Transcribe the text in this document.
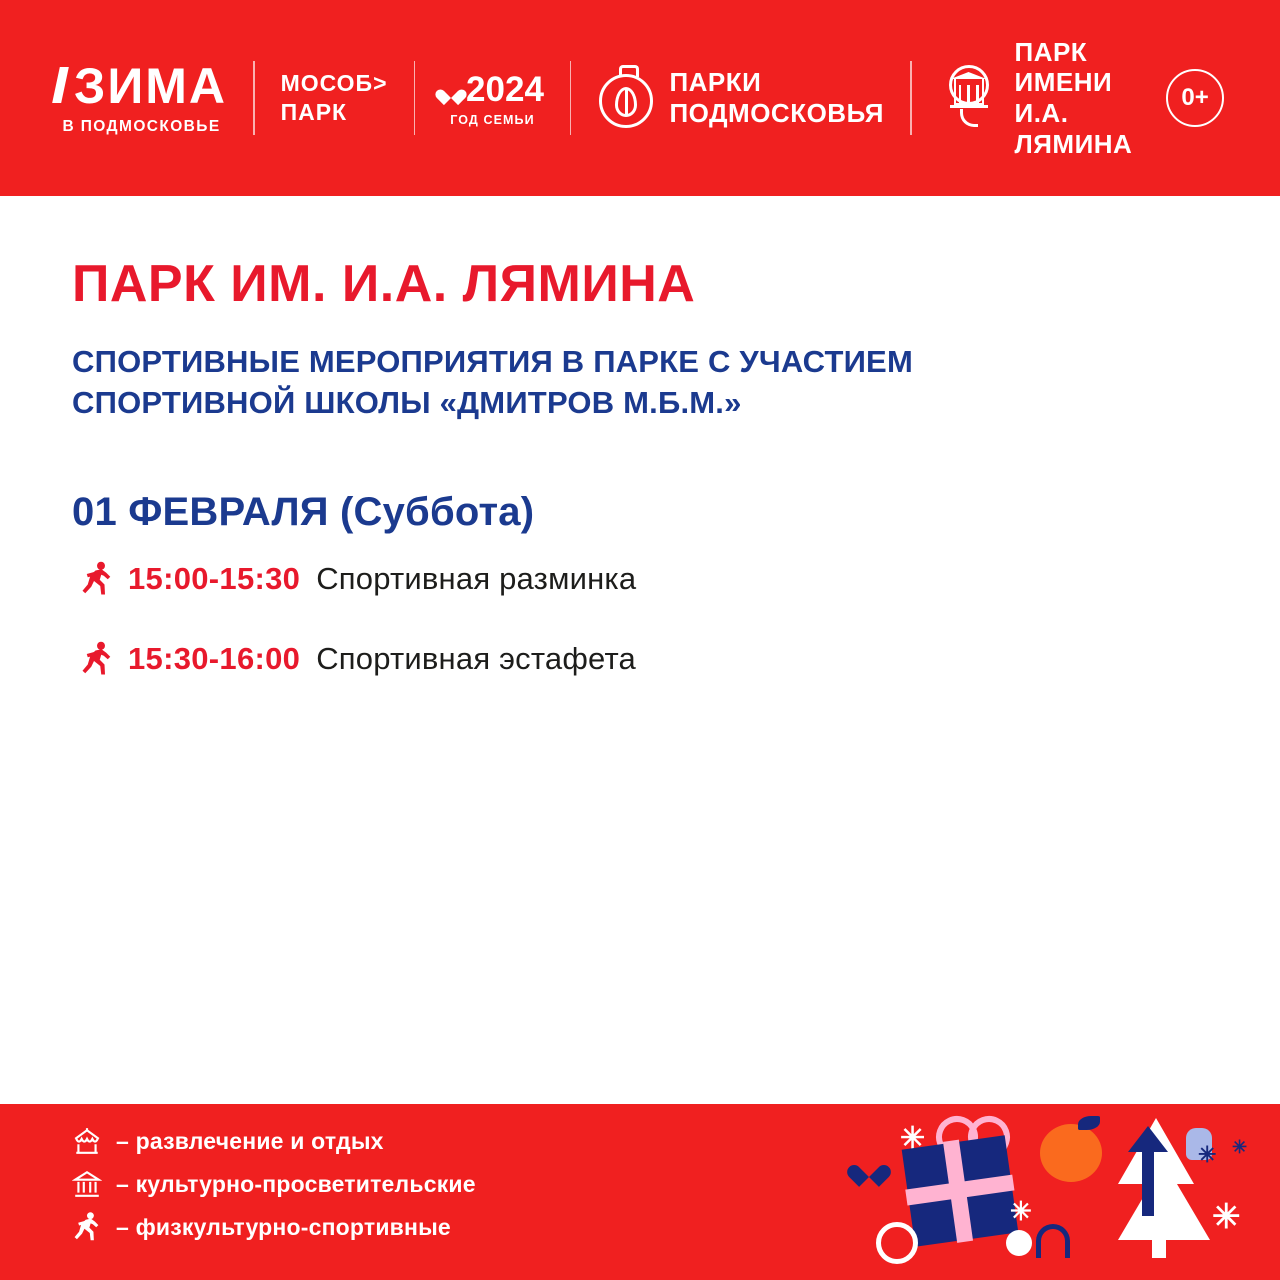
ЗИМА
В ПОДМОСКОВЬЕ
МОСОБ>
ПАРК
2024
ГОД СЕМЬИ
ПАРКИ
ПОДМОСКОВЬЯ
ПАРК ИМЕНИ
И.А. ЛЯМИНА
0+
ПАРК ИМ. И.А. ЛЯМИНА
СПОРТИВНЫЕ МЕРОПРИЯТИЯ В ПАРКЕ С УЧАСТИЕМ СПОРТИВНОЙ ШКОЛЫ «ДМИТРОВ М.Б.М.»
01 ФЕВРАЛЯ (Суббота)
15:00-15:30 Спортивная разминка
15:30-16:00 Спортивная эстафета
– развлечение и отдых
– культурно-просветительские
– физкультурно-спортивные
✳
✳	✳
✳ ✳
